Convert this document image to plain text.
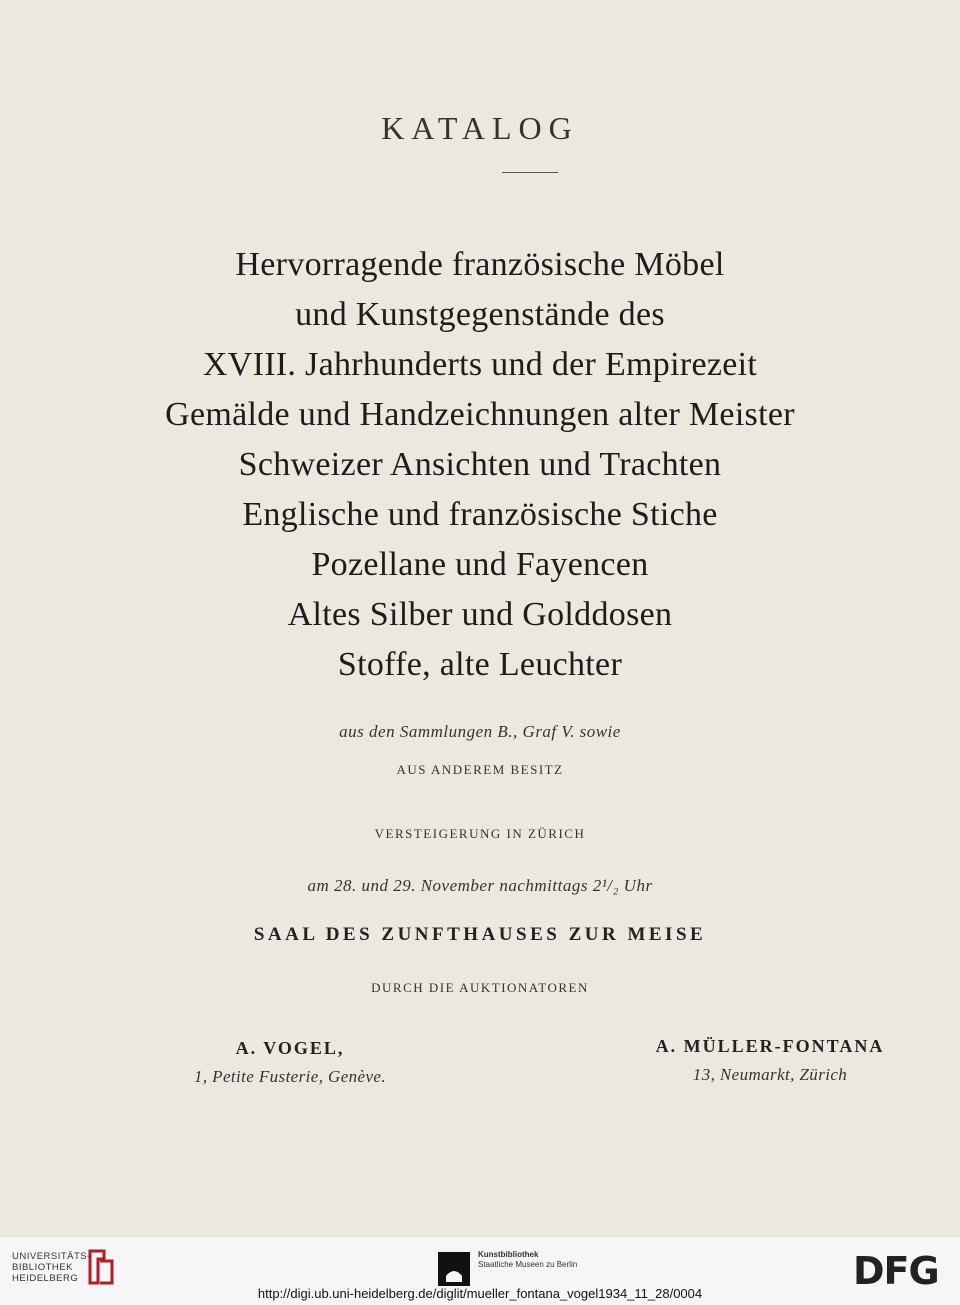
KATALOG
Hervorragende französische Möbel
und Kunstgegenstände des
XVIII. Jahrhunderts und der Empirezeit
Gemälde und Handzeichnungen alter Meister
Schweizer Ansichten und Trachten
Englische und französische Stiche
Pozellane und Fayencen
Altes Silber und Golddosen
Stoffe, alte Leuchter
aus den Sammlungen B., Graf V. sowie
AUS ANDEREM BESITZ
VERSTEIGERUNG IN ZÜRICH
am 28. und 29. November nachmittags 2¹/₂ Uhr
SAAL DES ZUNFTHAUSES ZUR MEISE
DURCH DIE AUKTIONATOREN
A. VOGEL,
1, Petite Fusterie, Genève.
A. MÜLLER-FONTANA
13, Neumarkt, Zürich
UNIVERSITÄTS-
BIBLIOTHEK
HEIDELBERG
Kunstbibliothek
Staatliche Museen zu Berlin	DFG
http://digi.ub.uni-heidelberg.de/diglit/mueller_fontana_vogel1934_11_28/0004
